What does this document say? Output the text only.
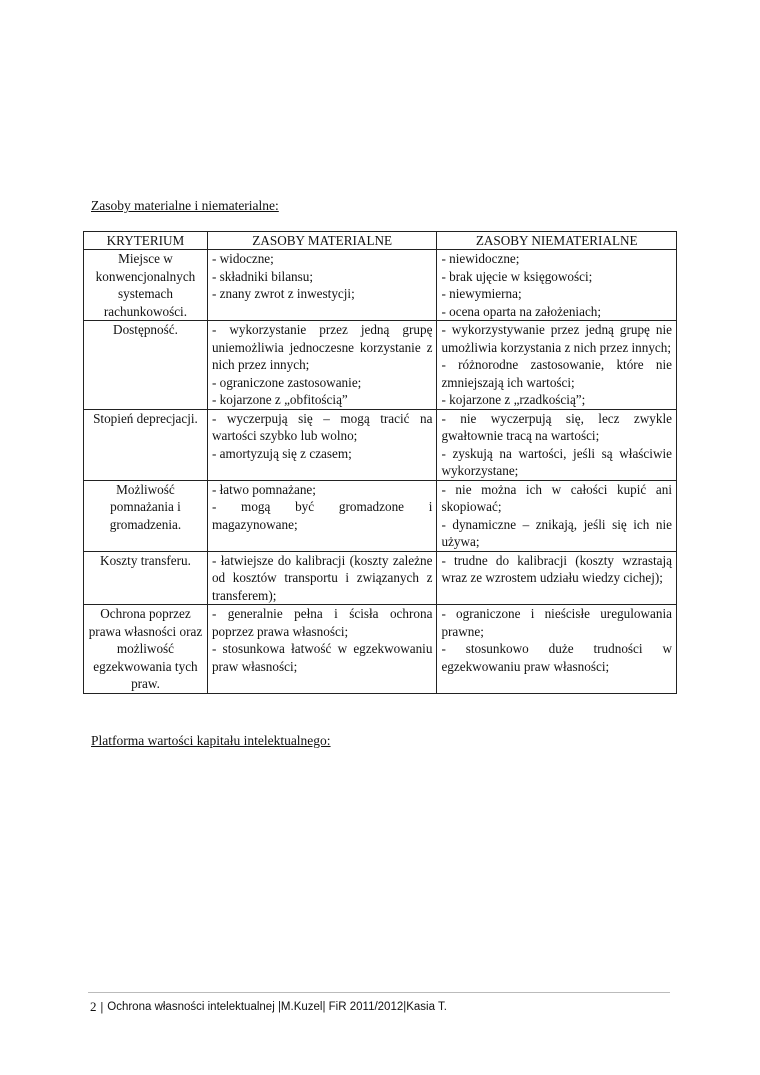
Zasoby materialne i niematerialne:
KRYTERIUM	ZASOBY MATERIALNE	ZASOBY NIEMATERIALNE
Miejsce w konwencjonalnych systemach rachunkowości.	- widoczne;
- składniki bilansu;
- znany zwrot z inwestycji;	- niewidoczne;
- brak ujęcie w księgowości;
- niewymierna;
- ocena oparta na założeniach;

Dostępność.	- wykorzystanie przez jedną grupę uniemożliwia jednoczesne korzystanie z nich przez innych;
- ograniczone zastosowanie;
- kojarzone z „obfitością”	- wykorzystywanie przez jedną grupę nie umożliwia korzystania z nich przez innych;
- różnorodne zastosowanie, które nie zmniejszają ich wartości;
- kojarzone z „rzadkością”;

Stopień deprecjacji.	- wyczerpują się – mogą tracić na wartości szybko lub wolno;
- amortyzują się z czasem;	- nie wyczerpują się, lecz zwykle gwałtownie tracą na wartości;
- zyskują na wartości, jeśli są właściwie wykorzystane;

Możliwość pomnażania i gromadzenia.	- łatwo pomnażane;
- mogą być gromadzone i magazynowane;	- nie można ich w całości kupić ani skopiować;
- dynamiczne – znikają, jeśli się ich nie używa;

Koszty transferu.	- łatwiejsze do kalibracji (koszty zależne od kosztów transportu i związanych z transferem);	- trudne do kalibracji (koszty wzrastają wraz ze wzrostem udziału wiedzy cichej);

Ochrona poprzez prawa własności oraz możliwość egzekwowania tych praw.	- generalnie pełna i ścisła ochrona poprzez prawa własności;
- stosunkowa łatwość w egzekwowaniu praw własności;	- ograniczone i nieścisłe uregulowania prawne;
- stosunkowo duże trudności w egzekwowaniu praw własności;
Platforma wartości kapitału intelektualnego:
2 | Ochrona własności intelektualnej |M.Kuzel| FiR 2011/2012|Kasia T.
